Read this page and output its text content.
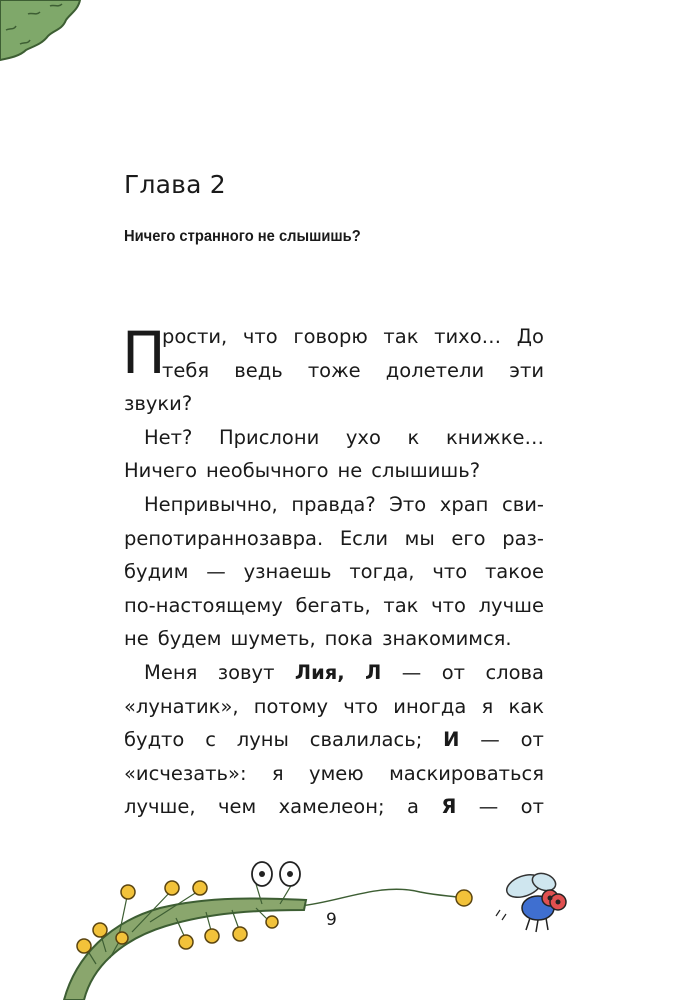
Глава 2
Ничего странного не слышишь?
П
рости, что говорю так тихо… До
тебя ведь тоже долетели эти
звуки?
Нет? Прислони ухо к книжке…
Ничего необычного не слышишь?
Непривычно, правда? Это храп сви-
репотираннозавра. Если мы его раз-
будим — узнаешь тогда, что такое
по-настоящему бегать, так что лучше
не будем шуметь, пока знакомимся.
Меня зовут Лия, Л — от слова
«лунатик», потому что иногда я как
будто с луны свалилась; И — от
«исчезать»: я умею маскироваться
лучше, чем хамелеон; а Я — от
9
